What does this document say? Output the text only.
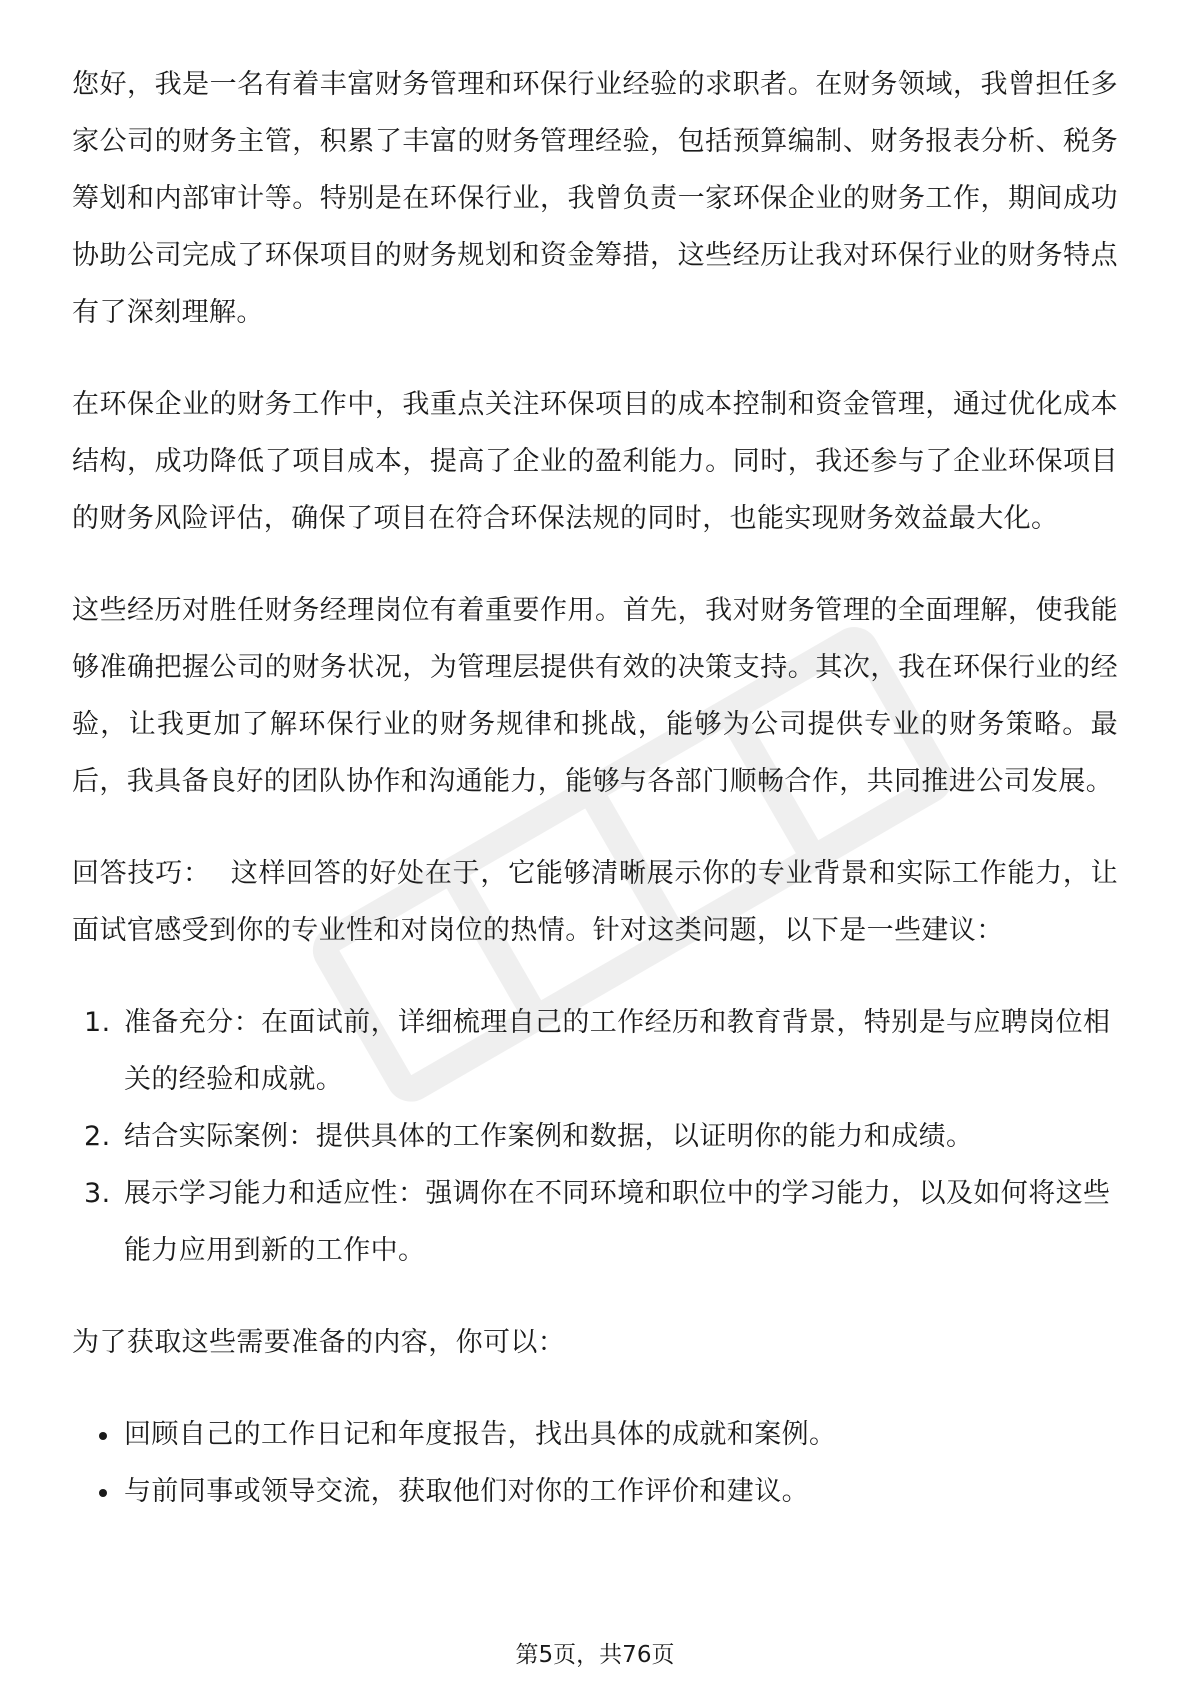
您好，我是一名有着丰富财务管理和环保行业经验的求职者。在财务领域，我曾担任多家公司的财务主管，积累了丰富的财务管理经验，包括预算编制、财务报表分析、税务筹划和内部审计等。特别是在环保行业，我曾负责一家环保企业的财务工作，期间成功协助公司完成了环保项目的财务规划和资金筹措，这些经历让我对环保行业的财务特点有了深刻理解。

在环保企业的财务工作中，我重点关注环保项目的成本控制和资金管理，通过优化成本结构，成功降低了项目成本，提高了企业的盈利能力。同时，我还参与了企业环保项目的财务风险评估，确保了项目在符合环保法规的同时，也能实现财务效益最大化。

这些经历对胜任财务经理岗位有着重要作用。首先，我对财务管理的全面理解，使我能够准确把握公司的财务状况，为管理层提供有效的决策支持。其次，我在环保行业的经验，让我更加了解环保行业的财务规律和挑战，能够为公司提供专业的财务策略。最后，我具备良好的团队协作和沟通能力，能够与各部门顺畅合作，共同推进公司发展。

回答技巧： 这样回答的好处在于，它能够清晰展示你的专业背景和实际工作能力，让面试官感受到你的专业性和对岗位的热情。针对这类问题，以下是一些建议：

1. 准备充分：在面试前，详细梳理自己的工作经历和教育背景，特别是与应聘岗位相关的经验和成就。
2. 结合实际案例：提供具体的工作案例和数据，以证明你的能力和成绩。
3. 展示学习能力和适应性：强调你在不同环境和职位中的学习能力，以及如何将这些能力应用到新的工作中。

为了获取这些需要准备的内容，你可以：

回顾自己的工作日记和年度报告，找出具体的成就和案例。
与前同事或领导交流，获取他们对你的工作评价和建议。
第5页，共76页
